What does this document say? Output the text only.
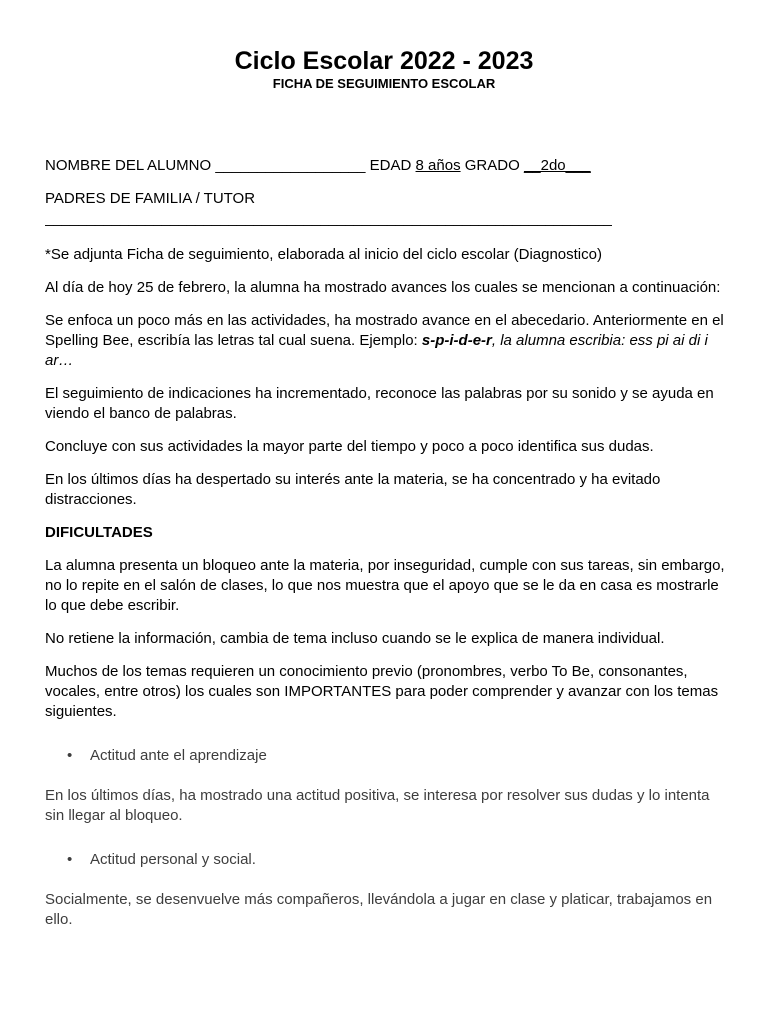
Ciclo Escolar 2022 - 2023
FICHA DE SEGUIMIENTO ESCOLAR

NOMBRE DEL ALUMNO __________________ EDAD 8 años GRADO __2do___

PADRES DE FAMILIA / TUTOR
____________________________________________________________________

*Se adjunta Ficha de seguimiento, elaborada al inicio del ciclo escolar (Diagnostico)

Al día de hoy 25 de febrero, la alumna ha mostrado avances los cuales se mencionan a continuación:

Se enfoca un poco más en las actividades, ha mostrado avance en el abecedario. Anteriormente en el Spelling Bee, escribía las letras tal cual suena. Ejemplo: s-p-i-d-e-r, la alumna escribia: ess pi ai di i ar…

El seguimiento de indicaciones ha incrementado, reconoce las palabras por su sonido y se ayuda en viendo el banco de palabras.

Concluye con sus actividades la mayor parte del tiempo y poco a poco identifica sus dudas.

En los últimos días ha despertado su interés ante la materia, se ha concentrado y ha evitado distracciones.

DIFICULTADES

La alumna presenta un bloqueo ante la materia, por inseguridad, cumple con sus tareas, sin embargo, no lo repite en el salón de clases, lo que nos muestra que el apoyo que se le da en casa es mostrarle lo que debe escribir.

No retiene la información, cambia de tema incluso cuando se le explica de manera individual.

Muchos de los temas requieren un conocimiento previo (pronombres, verbo To Be, consonantes, vocales, entre otros) los cuales son IMPORTANTES para poder comprender y avanzar con los temas siguientes.

• Actitud ante el aprendizaje

En los últimos días, ha mostrado una actitud positiva, se interesa por resolver sus dudas y lo intenta sin llegar al bloqueo.

• Actitud personal y social.

Socialmente, se desenvuelve más compañeros, llevándola a jugar en clase y platicar, trabajamos en ello.
